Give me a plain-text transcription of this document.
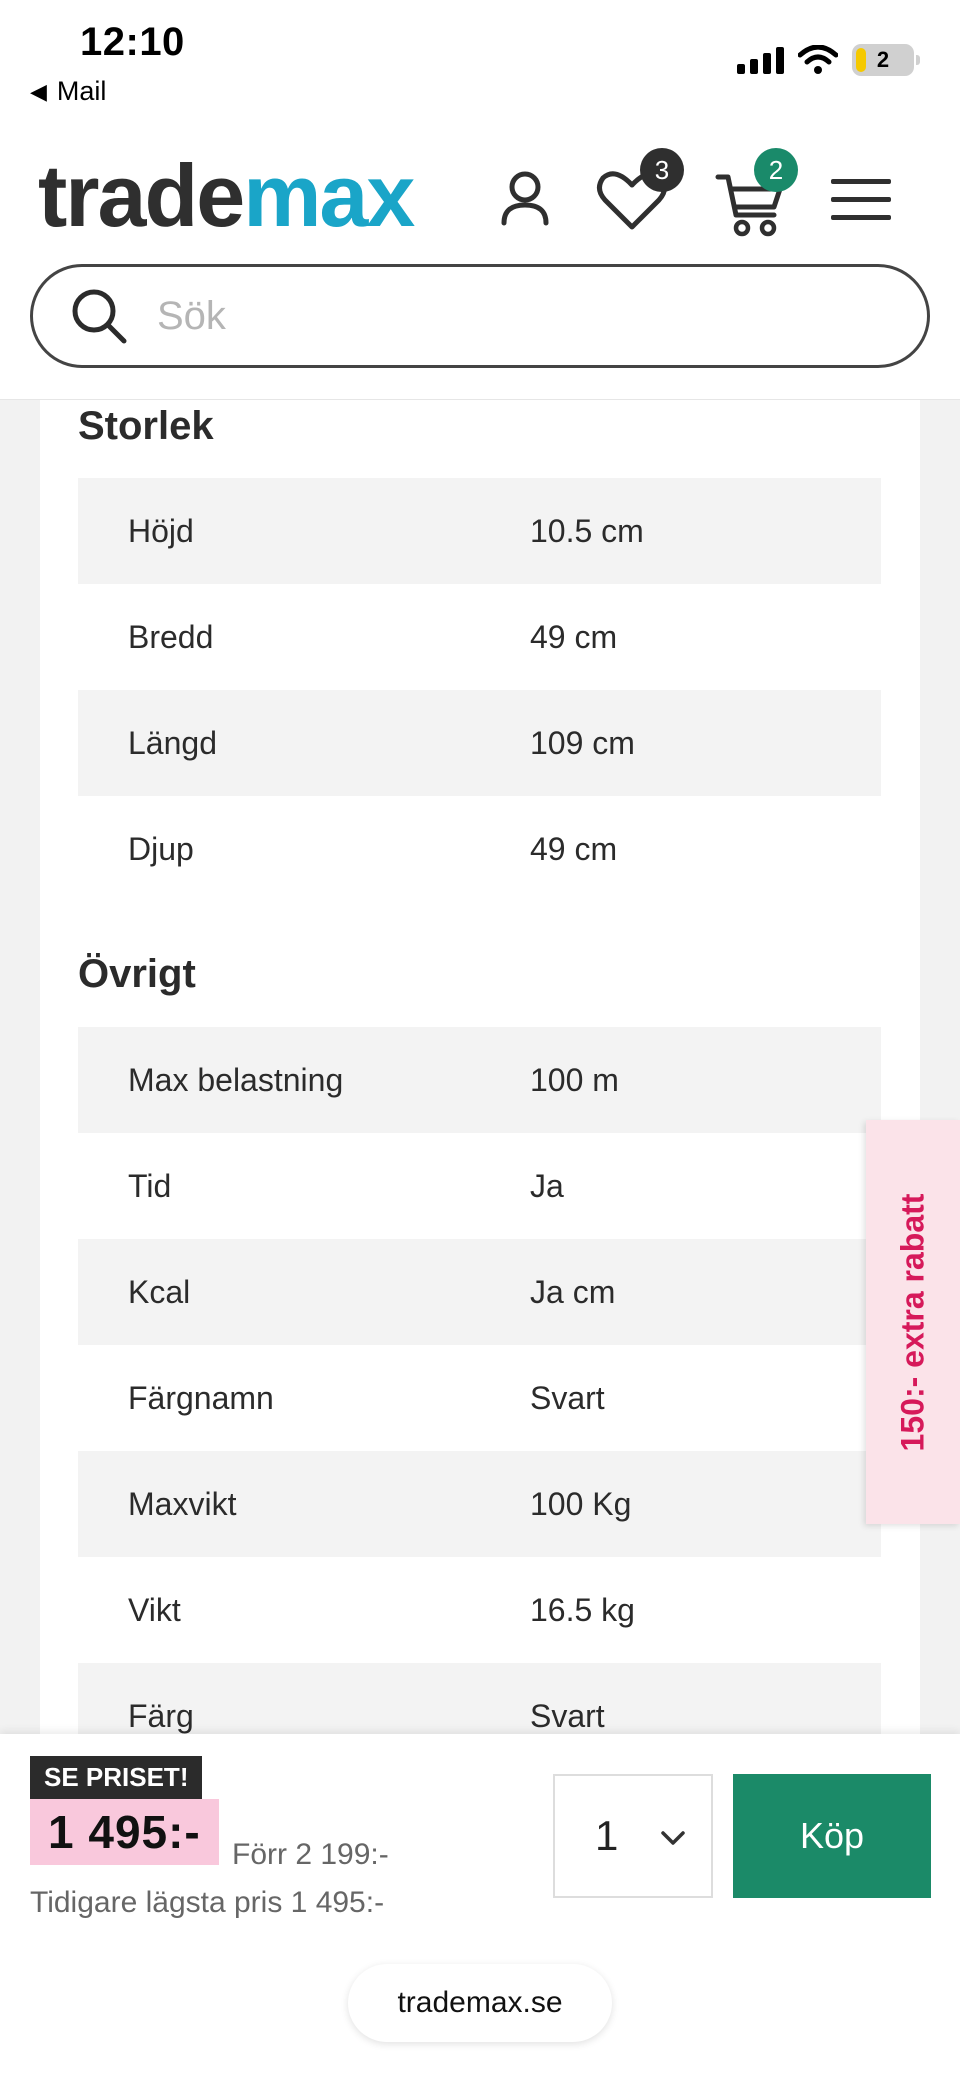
12:10
◀ Mail
2
trademax	3	2
Sök
Storlek
Höjd	10.5 cm
Bredd	49 cm
Längd	109 cm
Djup	49 cm
Övrigt
Max belastning	100 m
Tid	Ja
Kcal	Ja cm
Färgnamn	Svart
Maxvikt	100 Kg
Vikt	16.5 kg
Färg	Svart
150:- extra rabatt
SE PRISET!
1 495:-	Förr 2 199:-
Tidigare lägsta pris 1 495:-
1	Köp
trademax.se
